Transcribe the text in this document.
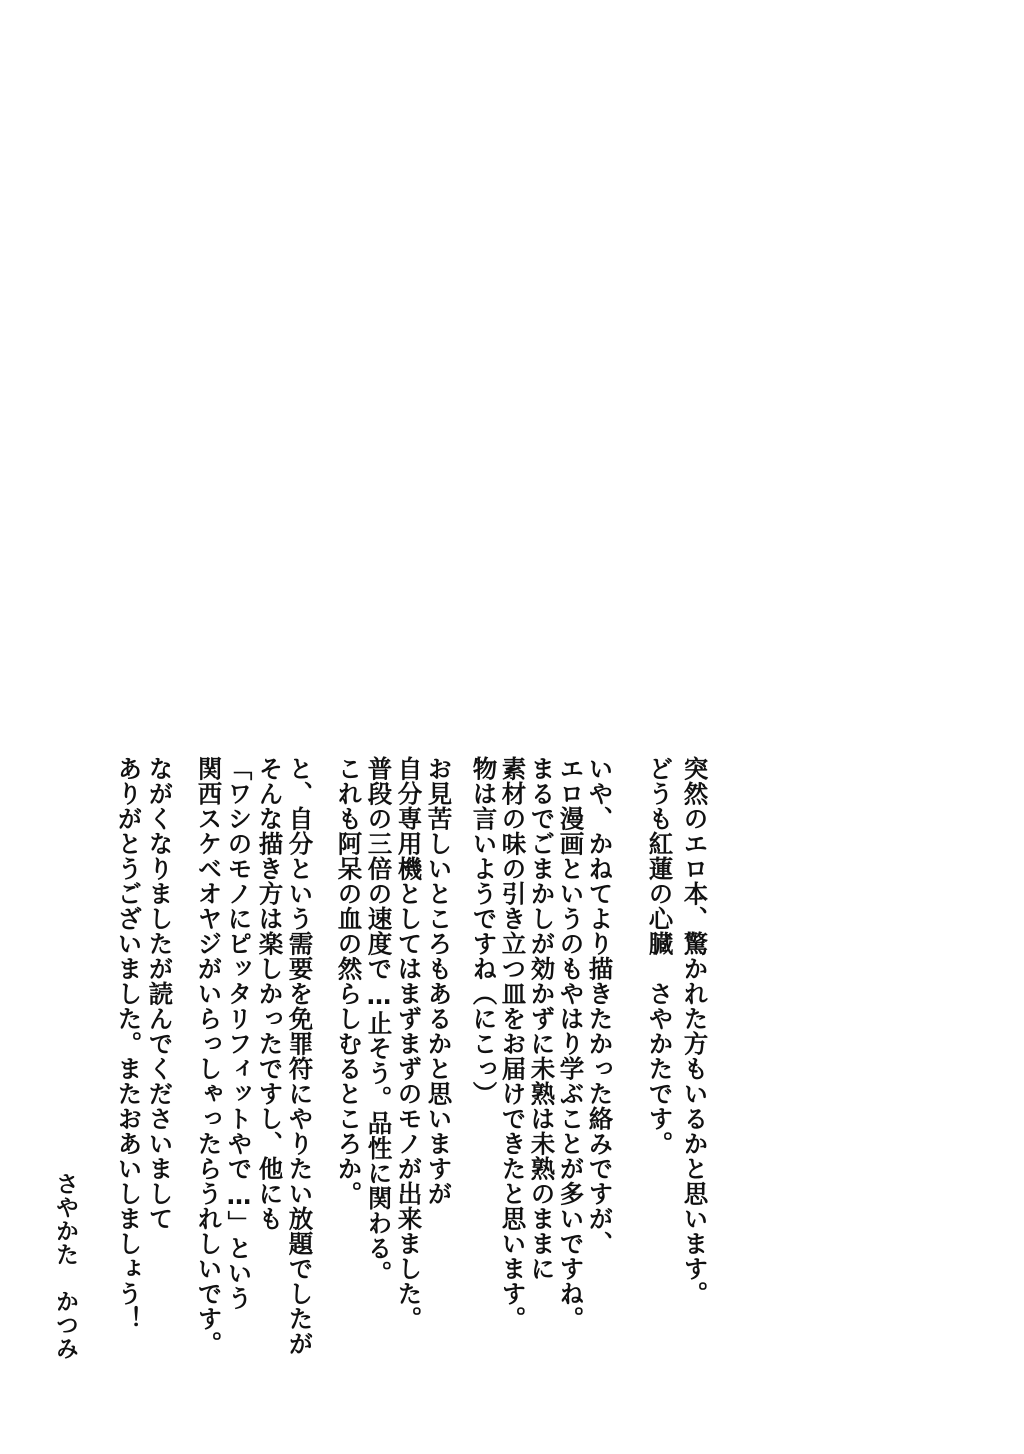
突然のエロ本、驚かれた方もいるかと思います。
どうも紅蓮の心臓　さやかたです。
いや、かねてより描きたかった絡みですが、
エロ漫画というのもやはり学ぶことが多いですね。
まるでごまかしが効かずに未熟は未熟のままに
素材の味の引き立つ皿をお届けできたと思います。
物は言いようですね（にこっ）
お見苦しいところもあるかと思いますが
自分専用機としてはまずまずのモノが出来ました。
普段の三倍の速度で…止そう。品性に関わる。
これも阿呆の血の然らしむるところか。
と、自分という需要を免罪符にやりたい放題でしたが
そんな描き方は楽しかったですし、他にも
「ワシのモノにピッタリフィットやで…」という
関西スケベオヤジがいらっしゃったらうれしいです。
ながくなりましたが読んでくださいまして
ありがとうございました。またおあいしましょう！
さやかた　かつみ
